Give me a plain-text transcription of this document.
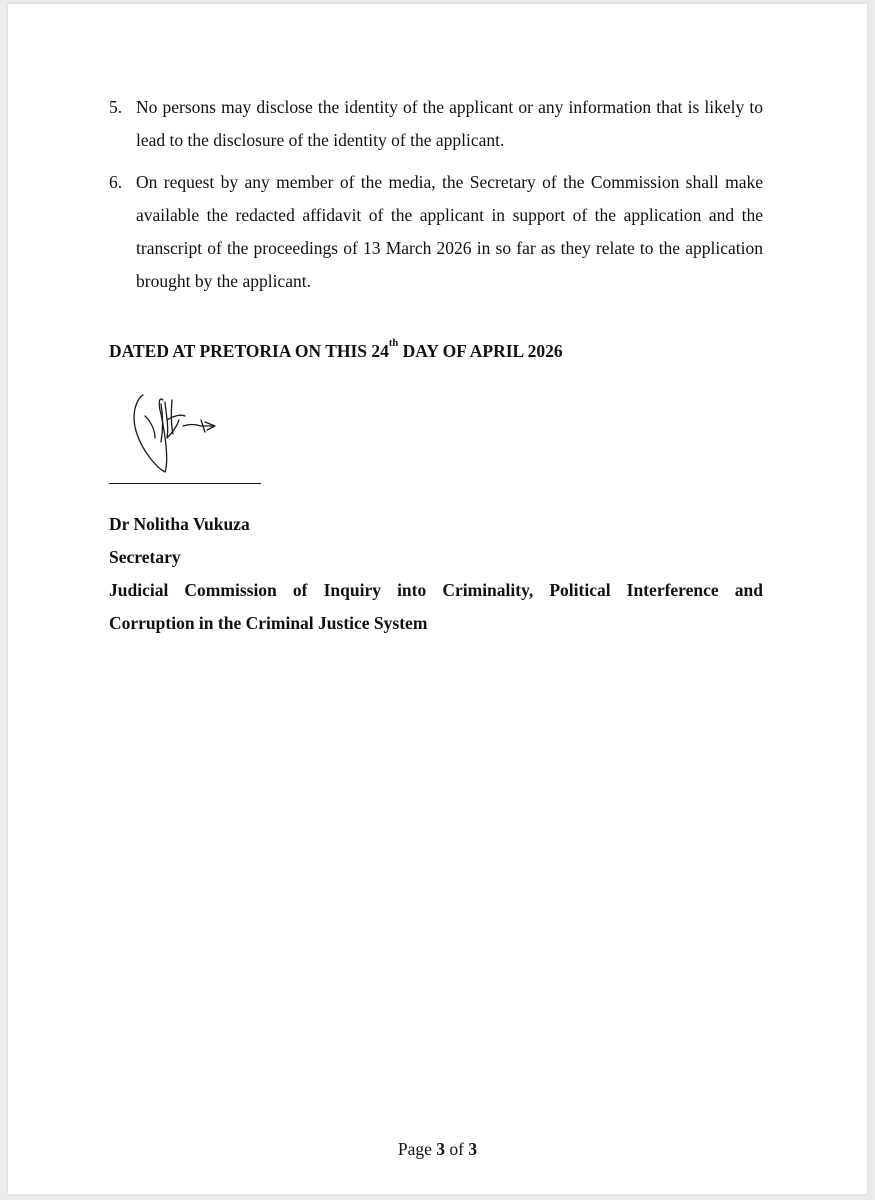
5. No persons may disclose the identity of the applicant or any information that is likely to lead to the disclosure of the identity of the applicant.
6. On request by any member of the media, the Secretary of the Commission shall make available the redacted affidavit of the applicant in support of the application and the transcript of the proceedings of 13 March 2026 in so far as they relate to the application brought by the applicant.
DATED AT PRETORIA ON THIS 24th DAY OF APRIL 2026
Dr Nolitha Vukuza
Secretary
Judicial Commission of Inquiry into Criminality, Political Interference and
Corruption in the Criminal Justice System
Page 3 of 3
